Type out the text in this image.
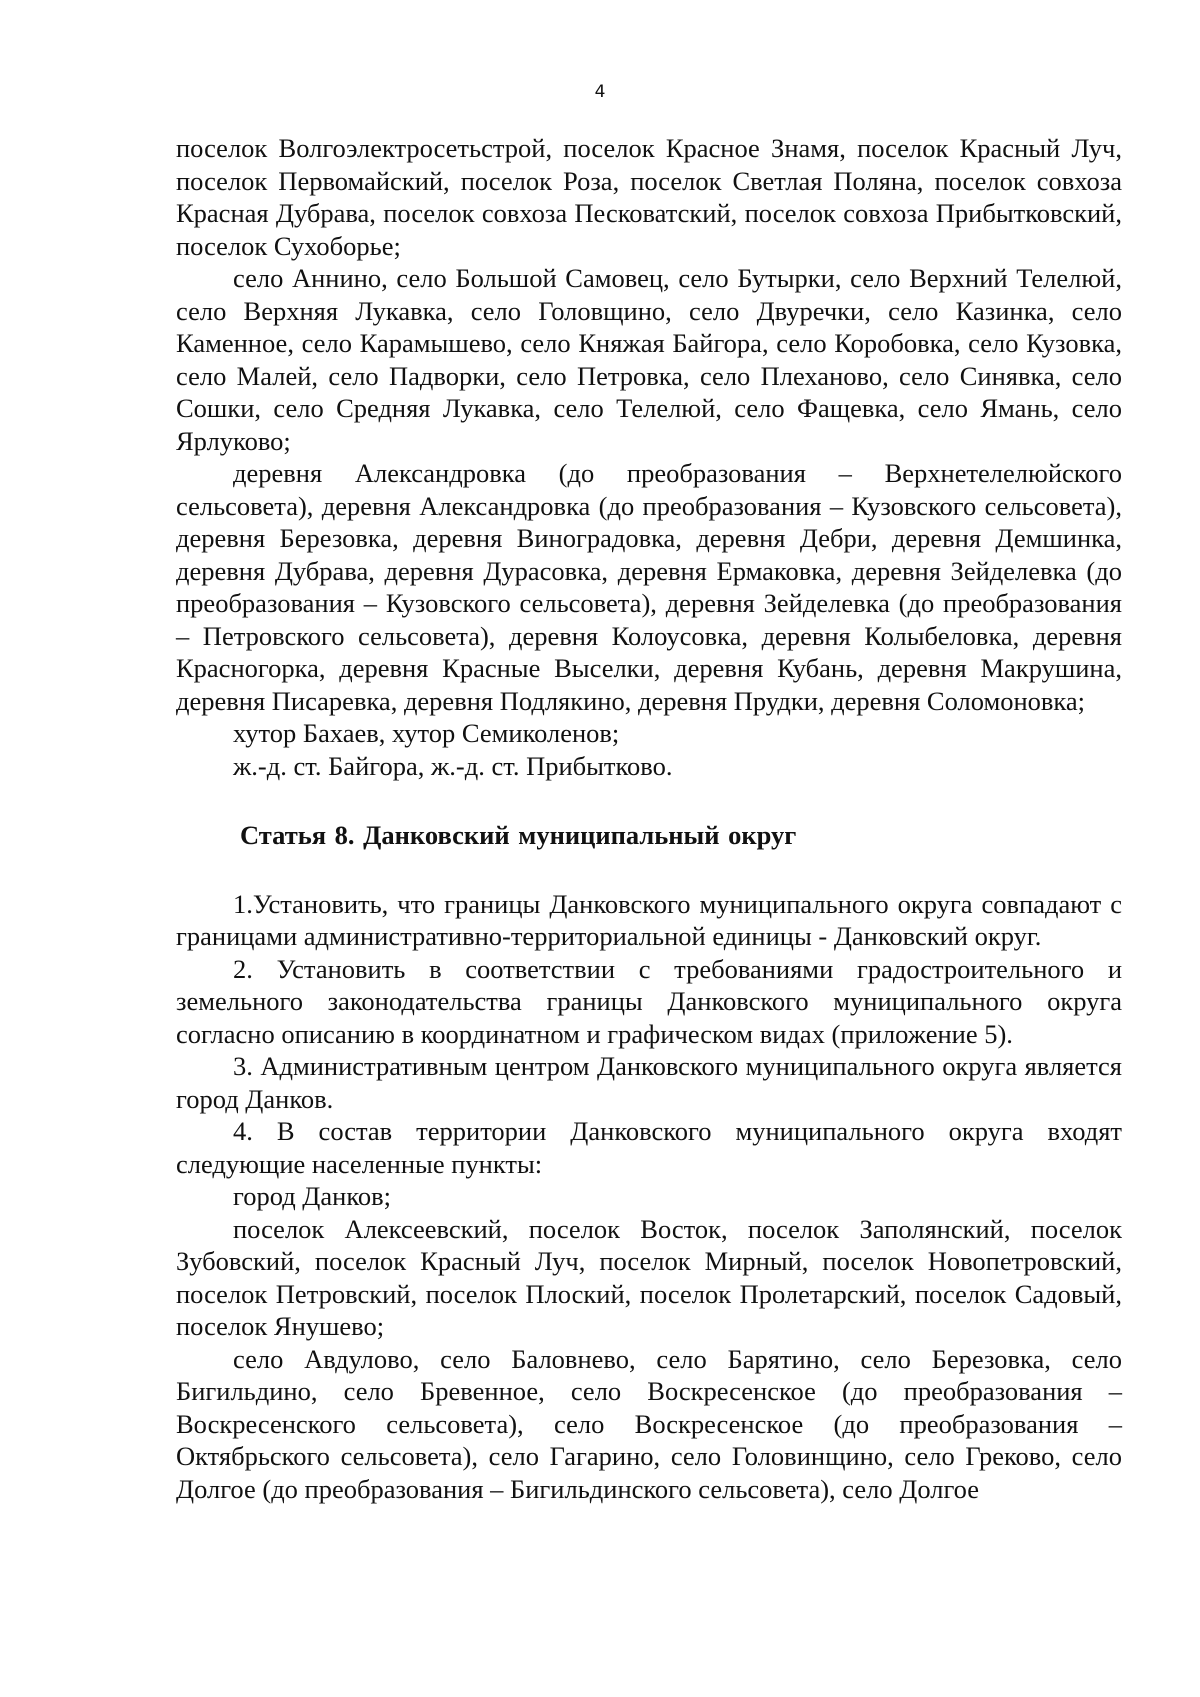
4

поселок Волгоэлектросетьстрой, поселок Красное Знамя, поселок Красный Луч, поселок Первомайский, поселок Роза, поселок Светлая Поляна, поселок совхоза Красная Дубрава, поселок совхоза Песковатский, поселок совхоза Прибытковский, поселок Сухоборье;

село Аннино, село Большой Самовец, село Бутырки, село Верхний Телелюй, село Верхняя Лукавка, село Головщино, село Двуречки, село Казинка, село Каменное, село Карамышево, село Княжая Байгора, село Коробовка, село Кузовка, село Малей, село Падворки, село Петровка, село Плеханово, село Синявка, село Сошки, село Средняя Лукавка, село Телелюй, село Фащевка, село Ямань, село Ярлуково;

деревня Александровка (до преобразования – Верхнетелелюйского сельсовета), деревня Александровка (до преобразования – Кузовского сельсовета), деревня Березовка, деревня Виноградовка, деревня Дебри, деревня Демшинка, деревня Дубрава, деревня Дурасовка, деревня Ермаковка, деревня Зейделевка (до преобразования – Кузовского сельсовета), деревня Зейделевка (до преобразования – Петровского сельсовета), деревня Колоусовка, деревня Колыбеловка, деревня Красногорка, деревня Красные Выселки, деревня Кубань, деревня Макрушина, деревня Писаревка, деревня Подлякино, деревня Прудки, деревня Соломоновка;

хутор Бахаев, хутор Семиколенов;

ж.-д. ст. Байгора, ж.-д. ст. Прибытково.

Статья 8. Данковский муниципальный округ

1.Установить, что границы Данковского муниципального округа совпадают с границами административно-территориальной единицы - Данковский округ.

2. Установить в соответствии с требованиями градостроительного и земельного законодательства границы Данковского муниципального округа согласно описанию в координатном и графическом видах (приложение 5).

3. Административным центром Данковского муниципального округа является город Данков.

4. В состав территории Данковского муниципального округа входят следующие населенные пункты:

город Данков;

поселок Алексеевский, поселок Восток, поселок Заполянский, поселок Зубовский, поселок Красный Луч, поселок Мирный, поселок Новопетровский, поселок Петровский, поселок Плоский, поселок Пролетарский, поселок Садовый, поселок Янушево;

село Авдулово, село Баловнево, село Барятино, село Березовка, село Бигильдино, село Бревенное, село Воскресенское (до преобразования – Воскресенского сельсовета), село Воскресенское (до преобразования – Октябрьского сельсовета), село Гагарино, село Головинщино, село Греково, село Долгое (до преобразования – Бигильдинского сельсовета), село Долгое
